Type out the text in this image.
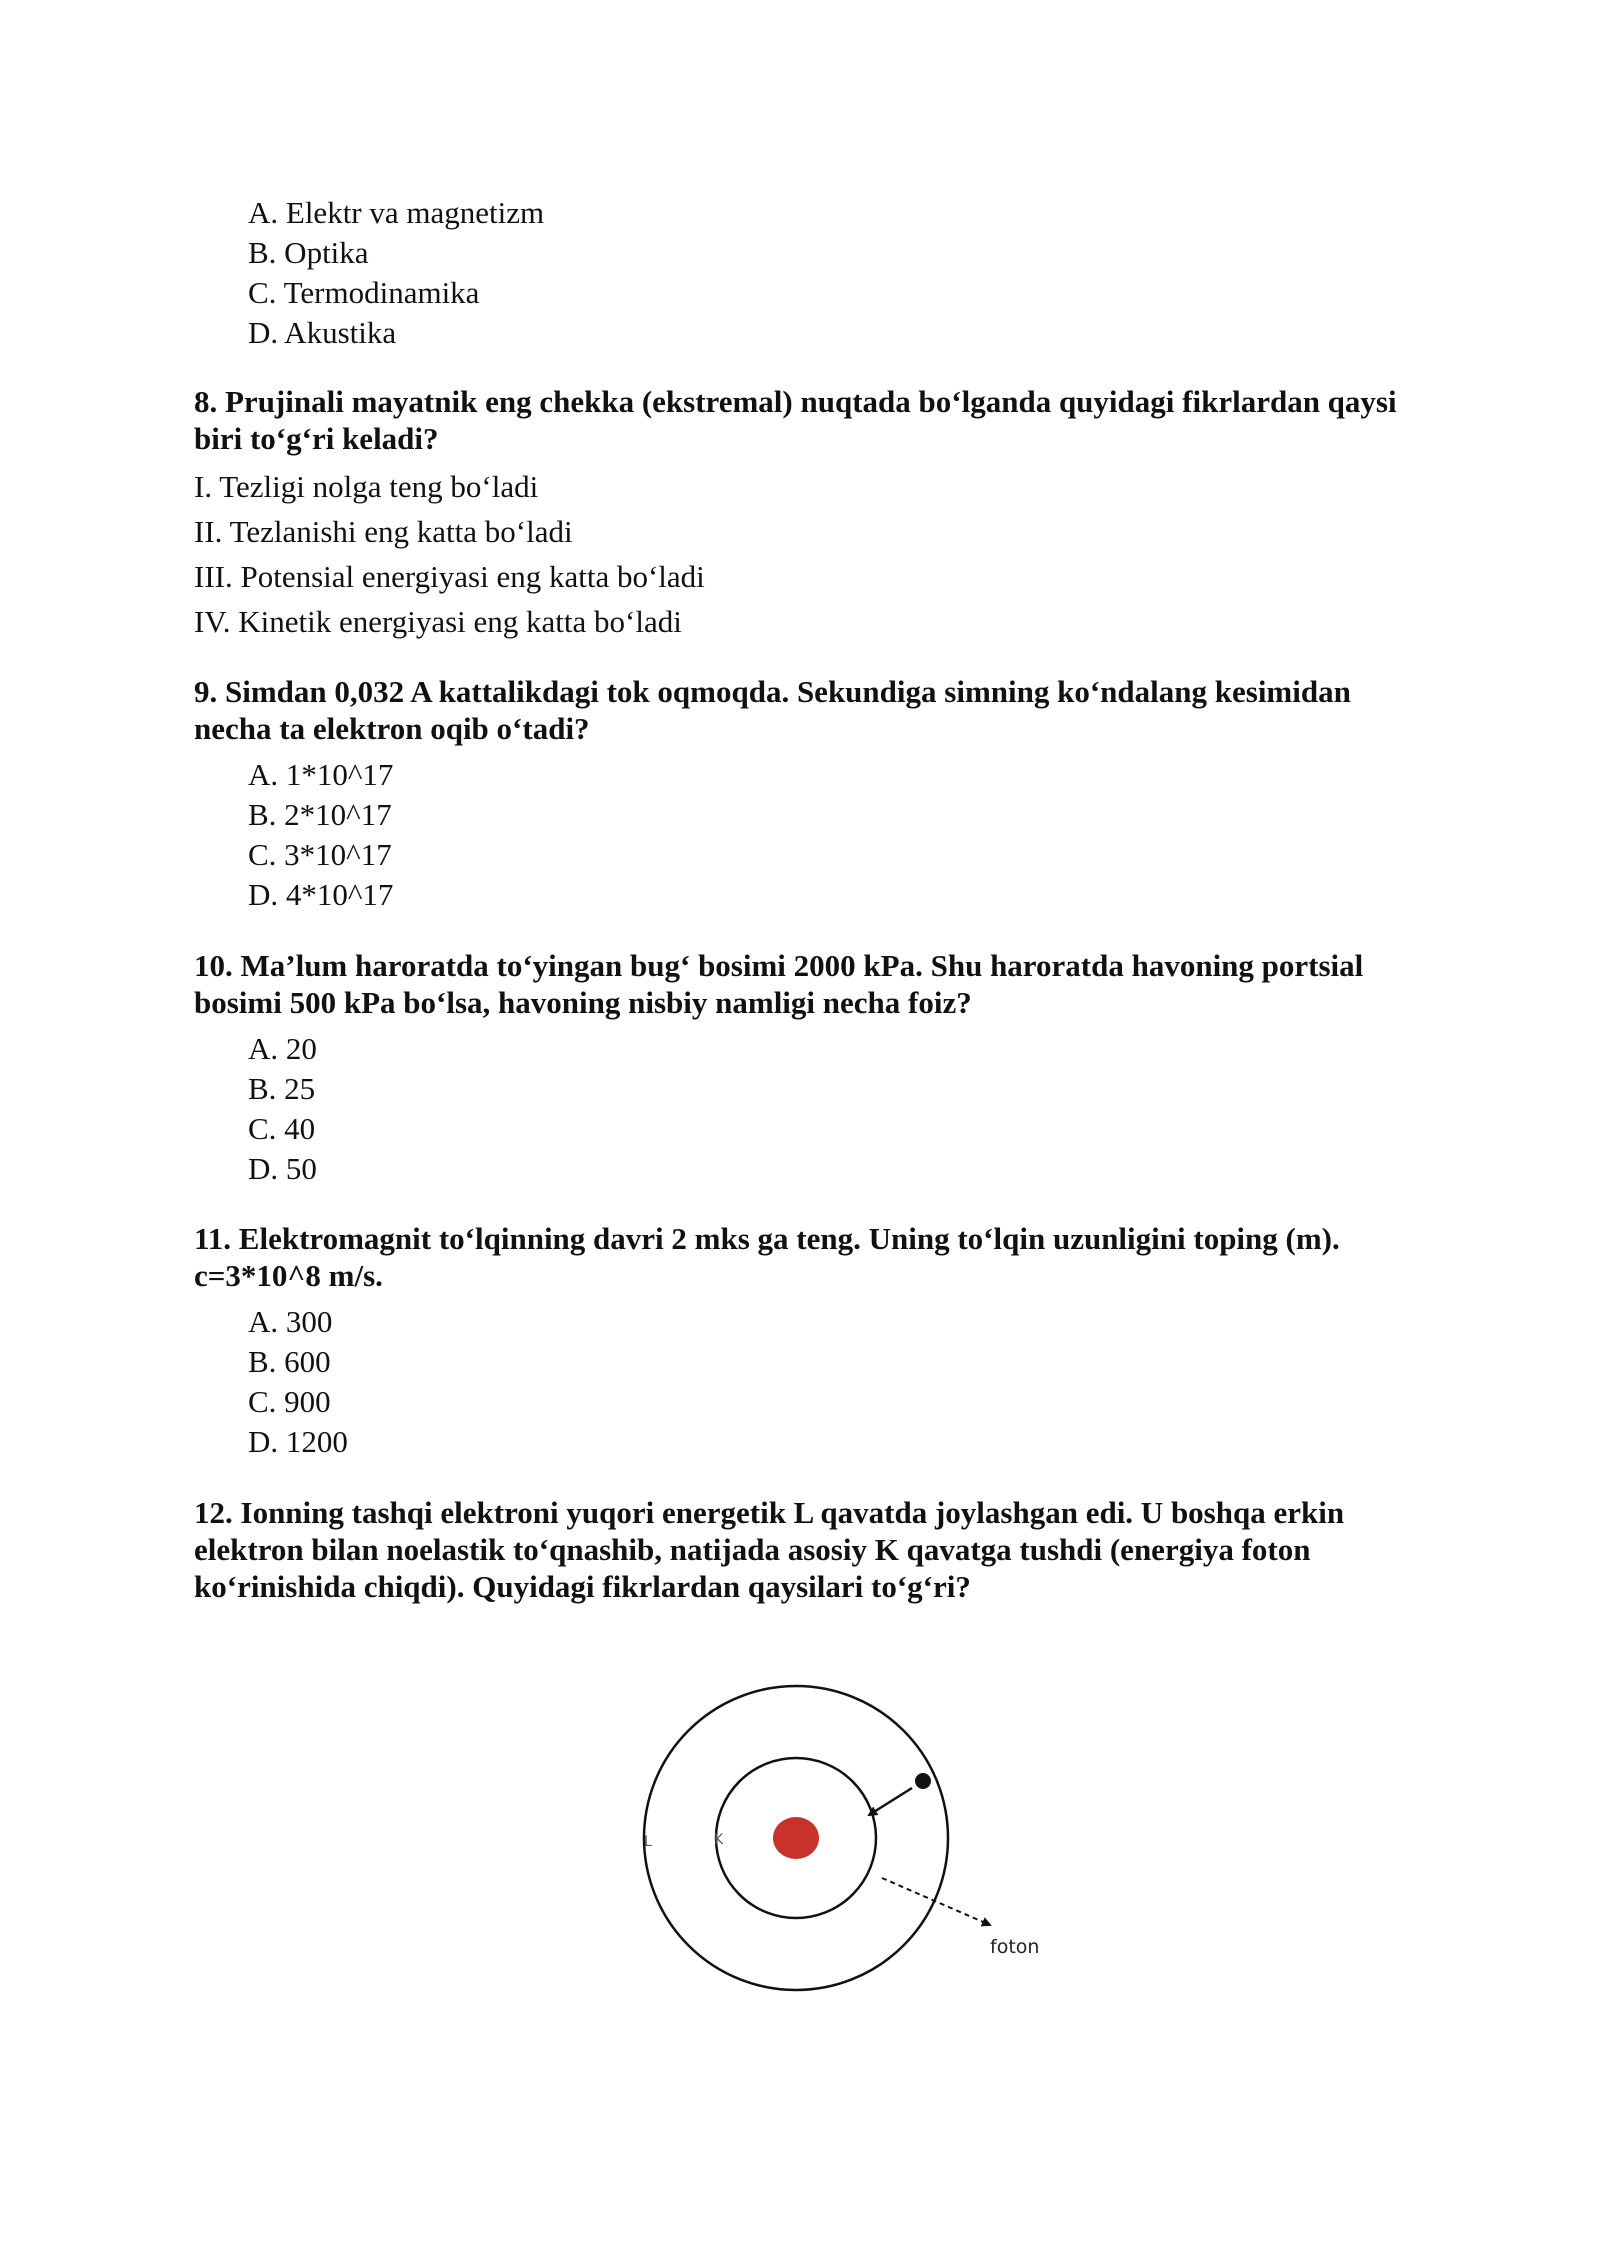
A. Elektr va magnetizm
B. Optika
C. Termodinamika
D. Akustika
8. Prujinali mayatnik eng chekka (ekstremal) nuqtada bo‘lganda quyidagi fikrlardan qaysi biri to‘g‘ri keladi?
I. Tezligi nolga teng bo‘ladi
II. Tezlanishi eng katta bo‘ladi
III. Potensial energiyasi eng katta bo‘ladi
IV. Kinetik energiyasi eng katta bo‘ladi
9. Simdan 0,032 A kattalikdagi tok oqmoqda. Sekundiga simning ko‘ndalang kesimidan necha ta elektron oqib o‘tadi?
A. 1*10^17
B. 2*10^17
C. 3*10^17
D. 4*10^17
10. Ma’lum haroratda to‘yingan bug‘ bosimi 2000 kPa. Shu haroratda havoning portsial bosimi 500 kPa bo‘lsa, havoning nisbiy namligi necha foiz?
A. 20
B. 25
C. 40
D. 50
11. Elektromagnit to‘lqinning davri 2 mks ga teng. Uning to‘lqin uzunligini toping (m). c=3*10^8 m/s.
A. 300
B. 600
C. 900
D. 1200
12. Ionning tashqi elektroni yuqori energetik L qavatda joylashgan edi. U boshqa erkin elektron bilan noelastik to‘qnashib, natijada asosiy K qavatga tushdi (energiya foton ko‘rinishida chiqdi). Quyidagi fikrlardan qaysilari to‘g‘ri?
L	K
foton
